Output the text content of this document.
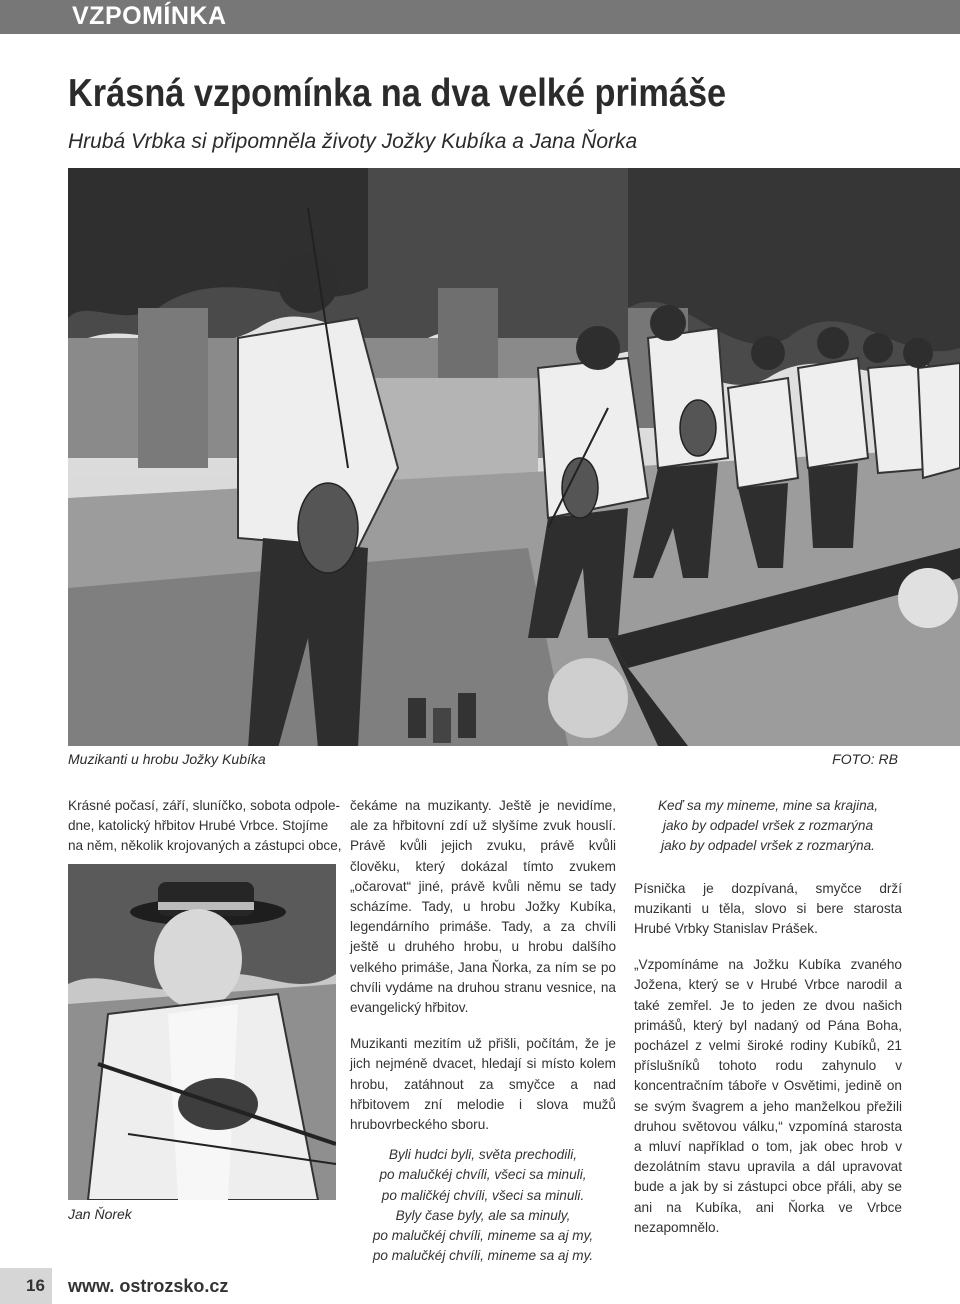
VZPOMÍNKA
Krásná vzpomínka na dva velké primáše
Hrubá Vrbka si připomněla životy Jožky Kubíka a Jana Ňorka
Muzikanti u hrobu Jožky Kubíka	FOTO: RB
Krásné počasí, září, sluníčko, sobota odpole-
dne, katolický hřbitov Hrubé Vrbce. Stojíme
na něm, několik krojovaných a zástupci obce,
Jan Ňorek

čekáme na muzikanty. Ještě je nevidíme, ale za hřbitovní zdí už slyšíme zvuk houslí. Právě kvůli jejich zvuku, právě kvůli člověku, který dokázal tímto zvukem „očarovat“ jiné, právě kvůli němu se tady scházíme. Tady, u hrobu Jožky Kubíka, legendárního primáše. Tady, a za chvíli ještě u druhého hrobu, u hrobu dalšího velkého primáše, Jana Ňorka, za ním se po chvíli vydáme na druhou stranu vesnice, na evangelický hřbitov.

Muzikanti mezitím už přišli, počítám, že je jich nejméně dvacet, hledají si místo kolem hrobu, zatáhnout za smyčce a nad hřbitovem zní melodie i slova mužů hrubovrbeckého sboru.

Byli hudci byli, světa prechodili,
po malučkéj chvíli, všeci sa minuli,
po maličkéj chvíli, všeci sa minuli.
Byly čase byly, ale sa minuly,
po malučkéj chvíli, mineme sa aj my,
po malučkéj chvíli, mineme sa aj my.
Keď sa my mineme, mine sa krajina,
jako by odpadel vršek z rozmarýna
jako by odpadel vršek z rozmarýna.

Písnička je dozpívaná, smyčce drží muzikanti u těla, slovo si bere starosta Hrubé Vrbky Stanislav Prášek.

„Vzpomínáme na Jožku Kubíka zvaného Jožena, který se v Hrubé Vrbce narodil a také zemřel. Je to jeden ze dvou našich primášů, který byl nadaný od Pána Boha, pocházel z velmi široké rodiny Kubíků, 21 příslušníků tohoto rodu zahynulo v koncentračním táboře v Osvětimi, jedině on se svým švagrem a jeho manželkou přežili druhou světovou válku,“ vzpomíná starosta a mluví například o tom, jak obec hrob v dezolátním stavu upravila a dál upravovat bude a jak by si zástupci obce přáli, aby se ani na Kubíka, ani Ňorka ve Vrbce nezapomnělo.

16 www. ostrozsko.cz
